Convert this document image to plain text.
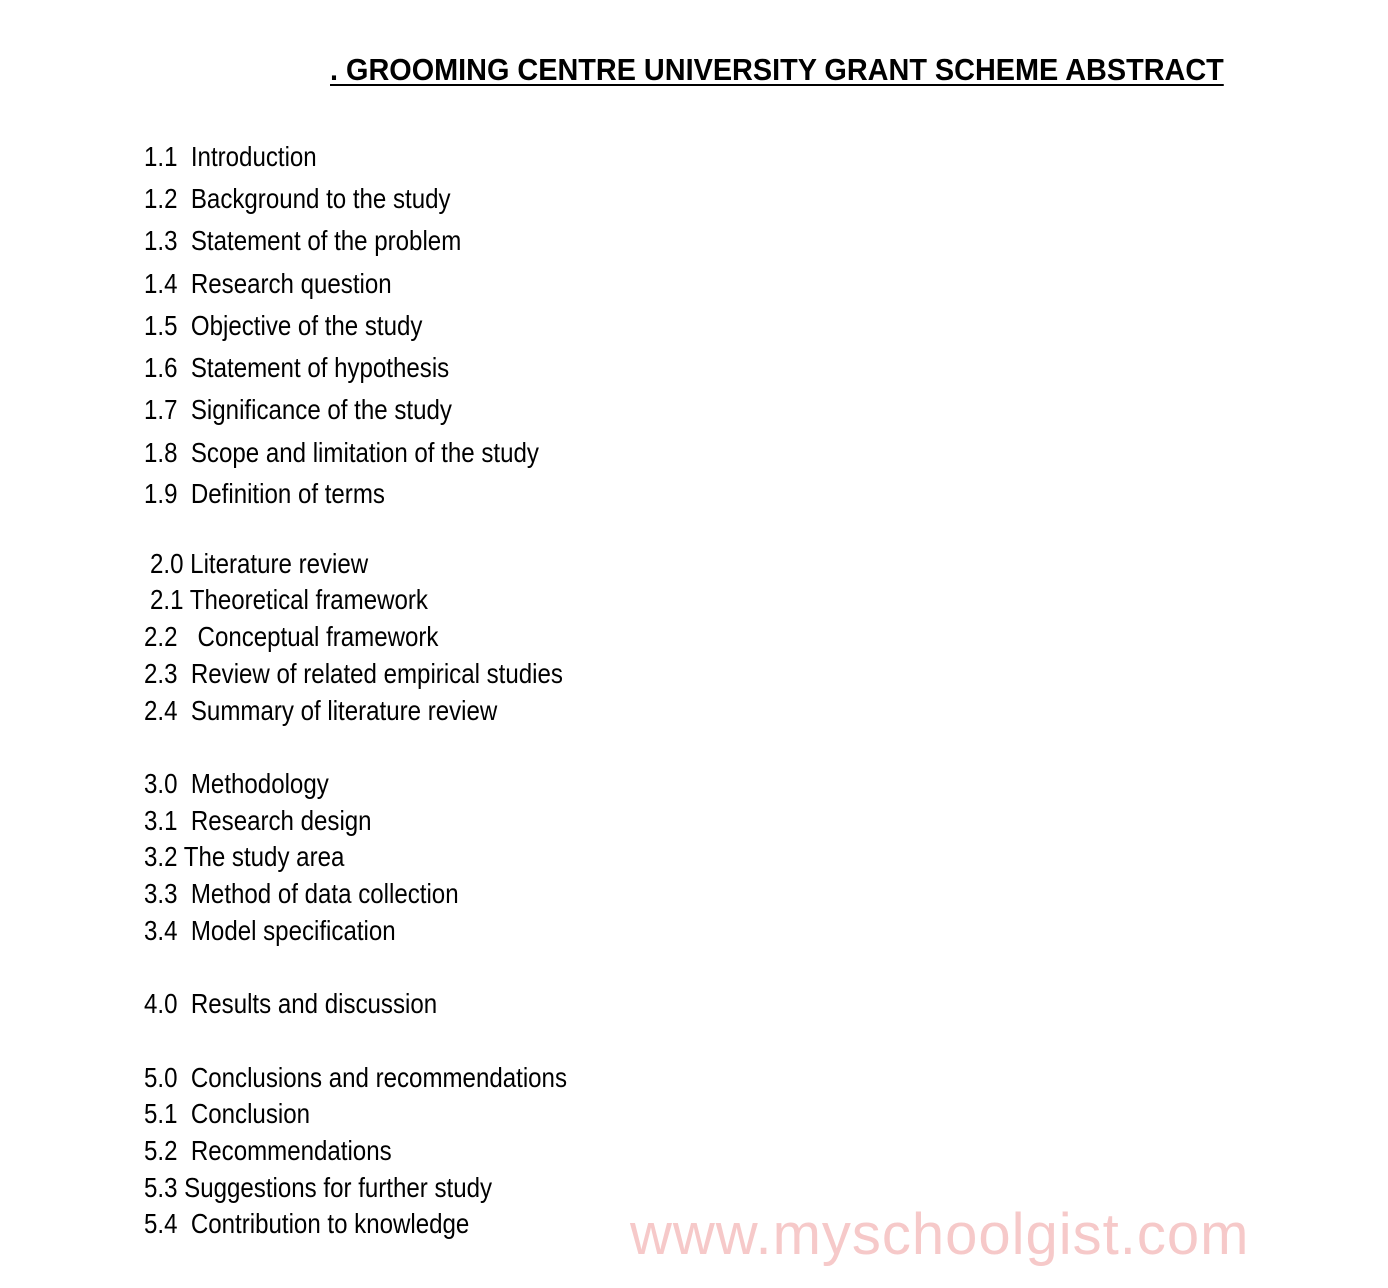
. GROOMING CENTRE UNIVERSITY GRANT SCHEME ABSTRACT

1.1 Introduction

1.2 Background to the study

1.3 Statement of the problem

1.4 Research question

1.5 Objective of the study

1.6 Statement of hypothesis

1.7 Significance of the study

1.8 Scope and limitation of the study

1.9 Definition of terms

2.0 Literature review

2.1 Theoretical framework

2.2 Conceptual framework

2.3 Review of related empirical studies

2.4 Summary of literature review

3.0 Methodology

3.1 Research design

3.2 The study area

3.3 Method of data collection

3.4 Model specification

4.0 Results and discussion

5.0 Conclusions and recommendations

5.1 Conclusion

5.2 Recommendations

5.3 Suggestions for further study

5.4 Contribution to knowledge	www.myschoolgist.com
